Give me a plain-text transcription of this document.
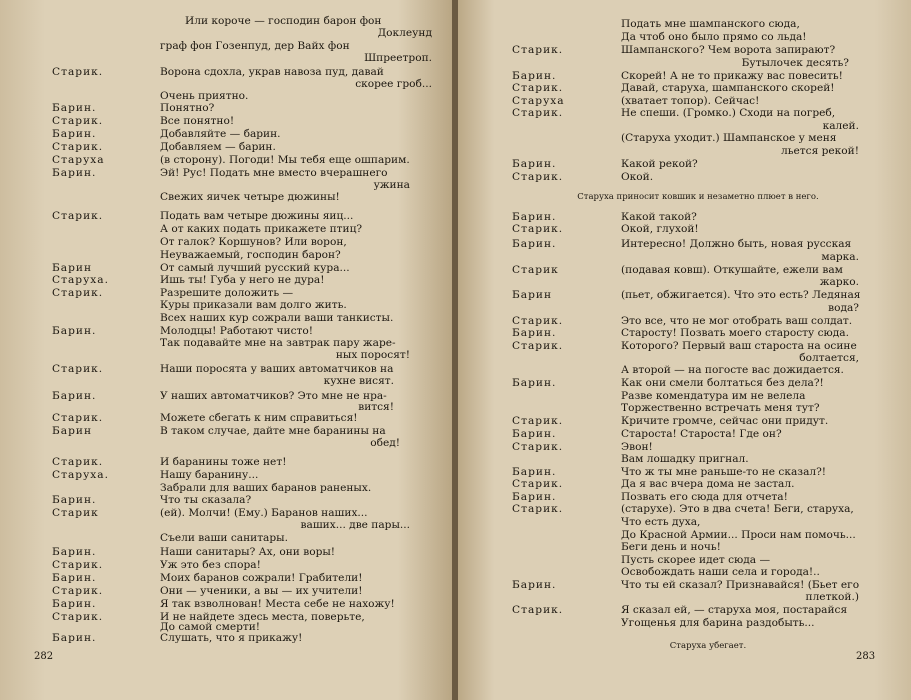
Старик.
Барин.
Старик.
Барин.
Старик.
Старуха
Барин.
Старик.
Барин
Старуха.
Старик.
Барин.
Старик.
Барин.
Старик.
Барин
Старик.
Старуха.
Барин.
Старик
Барин.
Старик.
Барин.
Старик.
Барин.
Старик.
Барин.
Или короче — господин барон фон
Доклеунд
граф фон Гозенпуд, дер Вайх фон
Шпреетроп.
Ворона сдохла, украв навоза пуд, давай
скорее гроб...
Очень приятно.
Понятно?
Все понятно!
Добавляйте — барин.
Добавляем — барин.
(в сторону). Погоди! Мы тебя еще ошпарим.
Эй! Рус! Подать мне вместо вчерашнего
ужина
Свежих яичек четыре дюжины!
Подать вам четыре дюжины яиц...
А от каких подать прикажете птиц?
От галок? Коршунов? Или ворон,
Неуважаемый, господин барон?
От самый лучший русский кура...
Ишь ты! Губа у него не дура!
Разрешите доложить —
Куры приказали вам долго жить.
Всех наших кур сожрали ваши танкисты.
Молодцы! Работают чисто!
Так подавайте мне на завтрак пару жаре-
ных поросят!
Наши поросята у ваших автоматчиков на
кухне висят.
У наших автоматчиков? Это мне не нра-
вится!
Можете сбегать к ним справиться!
В таком случае, дайте мне баранины на
обед!
И баранины тоже нет!
Нашу баранину...
Забрали для ваших баранов раненых.
Что ты сказала?
(ей). Молчи! (Ему.) Баранов наших...
ваших... две пары...
Съели ваши санитары.
Наши санитары? Ах, они воры!
Уж это без спора!
Моих баранов сожрали! Грабители!
Они — ученики, а вы — их учители!
Я так взволнован! Места себе не нахожу!
И не найдете здесь места, поверьте,
До самой смерти!
Слушать, что я прикажу!
282
Старик.
Барин.
Старик.
Старуха
Старик.
Барин.
Старик.
Барин.
Старик.
Барин.
Старик
Барин
Старик.
Барин.
Старик.
Барин.
Старик.
Барин.
Старик.
Барин.
Старик.
Барин.
Старик.
Барин.
Старик.
Подать мне шампанского сюда,
Да чтоб оно было прямо со льда!
Шампанского? Чем ворота запирают?
Бутылочек десять?
Скорей! А не то прикажу вас повесить!
Давай, старуха, шампанского скорей!
(хватает топор). Сейчас!
Не спеши. (Громко.) Сходи на погреб,
калей.
(Старуха уходит.) Шампанское у меня
льется рекой!
Какой рекой?
Окой.
Старуха приносит ковшик и незаметно плюет в него.
Какой такой?
Окой, глухой!
Интересно! Должно быть, новая русская
марка.
(подавая ковш). Откушайте, ежели вам
жарко.
(пьет, обжигается). Что это есть? Ледяная
вода?
Это все, что не мог отобрать ваш солдат.
Старосту! Позвать моего старосту сюда.
Которого? Первый ваш староста на осине
болтается,
А второй — на погосте вас дожидается.
Как они смели болтаться без дела?!
Разве комендатура им не велела
Торжественно встречать меня тут?
Кричите громче, сейчас они придут.
Староста! Староста! Где он?
Эвон!
Вам лошадку пригнал.
Что ж ты мне раньше-то не сказал?!
Да я вас вчера дома не застал.
Позвать его сюда для отчета!
(старухе). Это в два счета! Беги, старуха,
Что есть духа,
До Красной Армии... Проси нам помочь...
Беги день и ночь!
Пусть скорее идет сюда —
Освобождать наши села и города!..
Что ты ей сказал? Признавайся! (Бьет его
плеткой.)
Я сказал ей, — старуха моя, постарайся
Угощенья для барина раздобыть...
Старуха убегает.
283
